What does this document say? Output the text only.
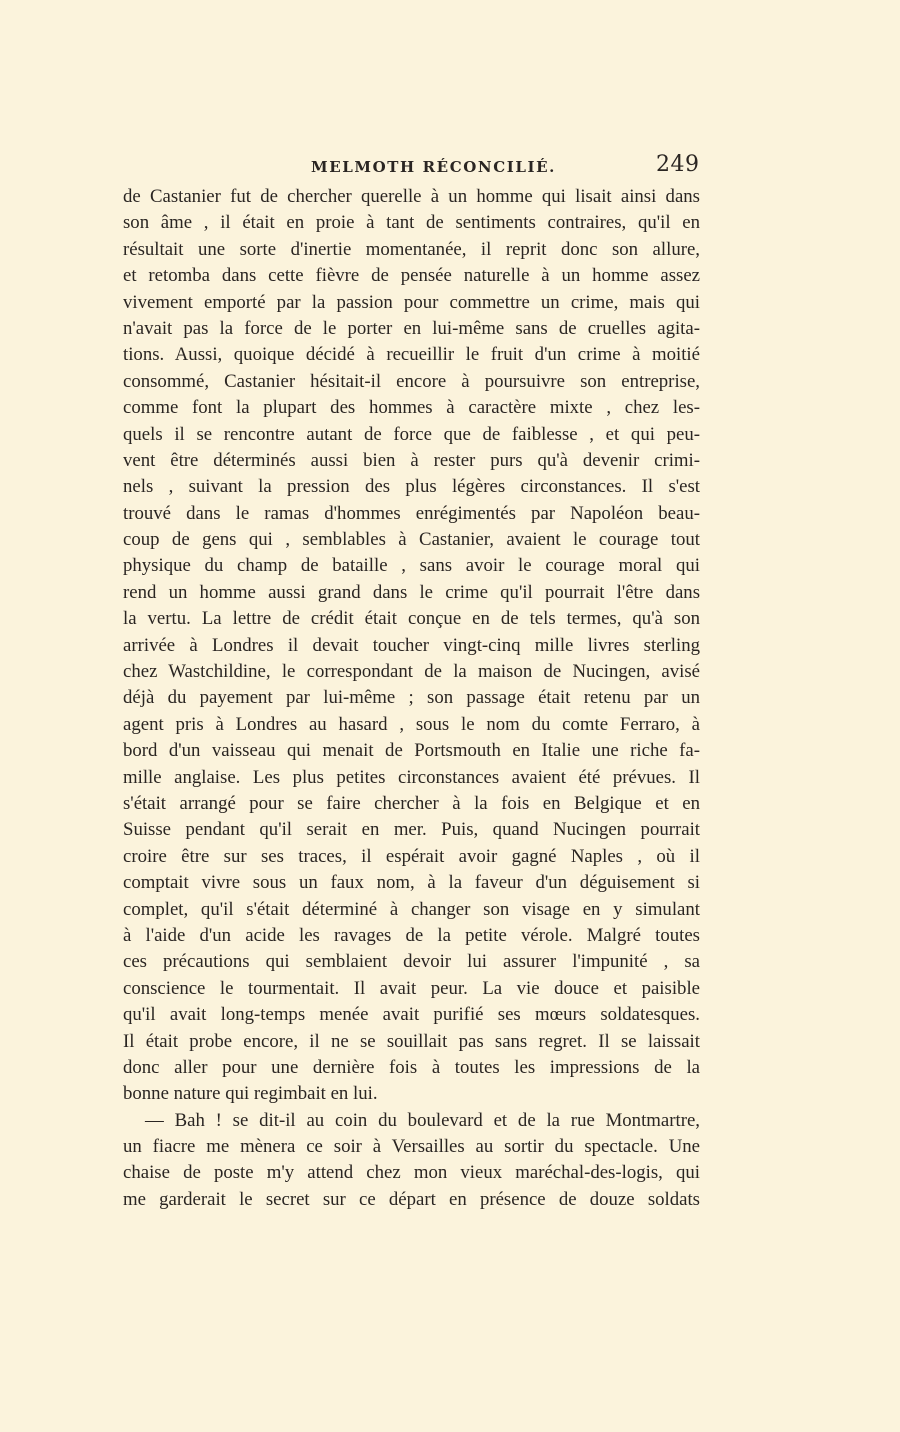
MELMOTH RÉCONCILIÉ.	249
de Castanier fut de chercher querelle à un homme qui lisait ainsi dans
son âme , il était en proie à tant de sentiments contraires, qu'il en
résultait une sorte d'inertie momentanée, il reprit donc son allure,
et retomba dans cette fièvre de pensée naturelle à un homme assez
vivement emporté par la passion pour commettre un crime, mais qui
n'avait pas la force de le porter en lui-même sans de cruelles agita-
tions. Aussi, quoique décidé à recueillir le fruit d'un crime à moitié
consommé, Castanier hésitait-il encore à poursuivre son entreprise,
comme font la plupart des hommes à caractère mixte , chez les-
quels il se rencontre autant de force que de faiblesse , et qui peu-
vent être déterminés aussi bien à rester purs qu'à devenir crimi-
nels , suivant la pression des plus légères circonstances. Il s'est
trouvé dans le ramas d'hommes enrégimentés par Napoléon beau-
coup de gens qui , semblables à Castanier, avaient le courage tout
physique du champ de bataille , sans avoir le courage moral qui
rend un homme aussi grand dans le crime qu'il pourrait l'être dans
la vertu. La lettre de crédit était conçue en de tels termes, qu'à son
arrivée à Londres il devait toucher vingt-cinq mille livres sterling
chez Wastchildine, le correspondant de la maison de Nucingen, avisé
déjà du payement par lui-même ; son passage était retenu par un
agent pris à Londres au hasard , sous le nom du comte Ferraro, à
bord d'un vaisseau qui menait de Portsmouth en Italie une riche fa-
mille anglaise. Les plus petites circonstances avaient été prévues. Il
s'était arrangé pour se faire chercher à la fois en Belgique et en
Suisse pendant qu'il serait en mer. Puis, quand Nucingen pourrait
croire être sur ses traces, il espérait avoir gagné Naples , où il
comptait vivre sous un faux nom, à la faveur d'un déguisement si
complet, qu'il s'était déterminé à changer son visage en y simulant
à l'aide d'un acide les ravages de la petite vérole. Malgré toutes
ces précautions qui semblaient devoir lui assurer l'impunité , sa
conscience le tourmentait. Il avait peur. La vie douce et paisible
qu'il avait long-temps menée avait purifié ses mœurs soldatesques.
Il était probe encore, il ne se souillait pas sans regret. Il se laissait
donc aller pour une dernière fois à toutes les impressions de la
bonne nature qui regimbait en lui.
— Bah ! se dit-il au coin du boulevard et de la rue Montmartre,
un fiacre me mènera ce soir à Versailles au sortir du spectacle. Une
chaise de poste m'y attend chez mon vieux maréchal-des-logis, qui
me garderait le secret sur ce départ en présence de douze soldats
